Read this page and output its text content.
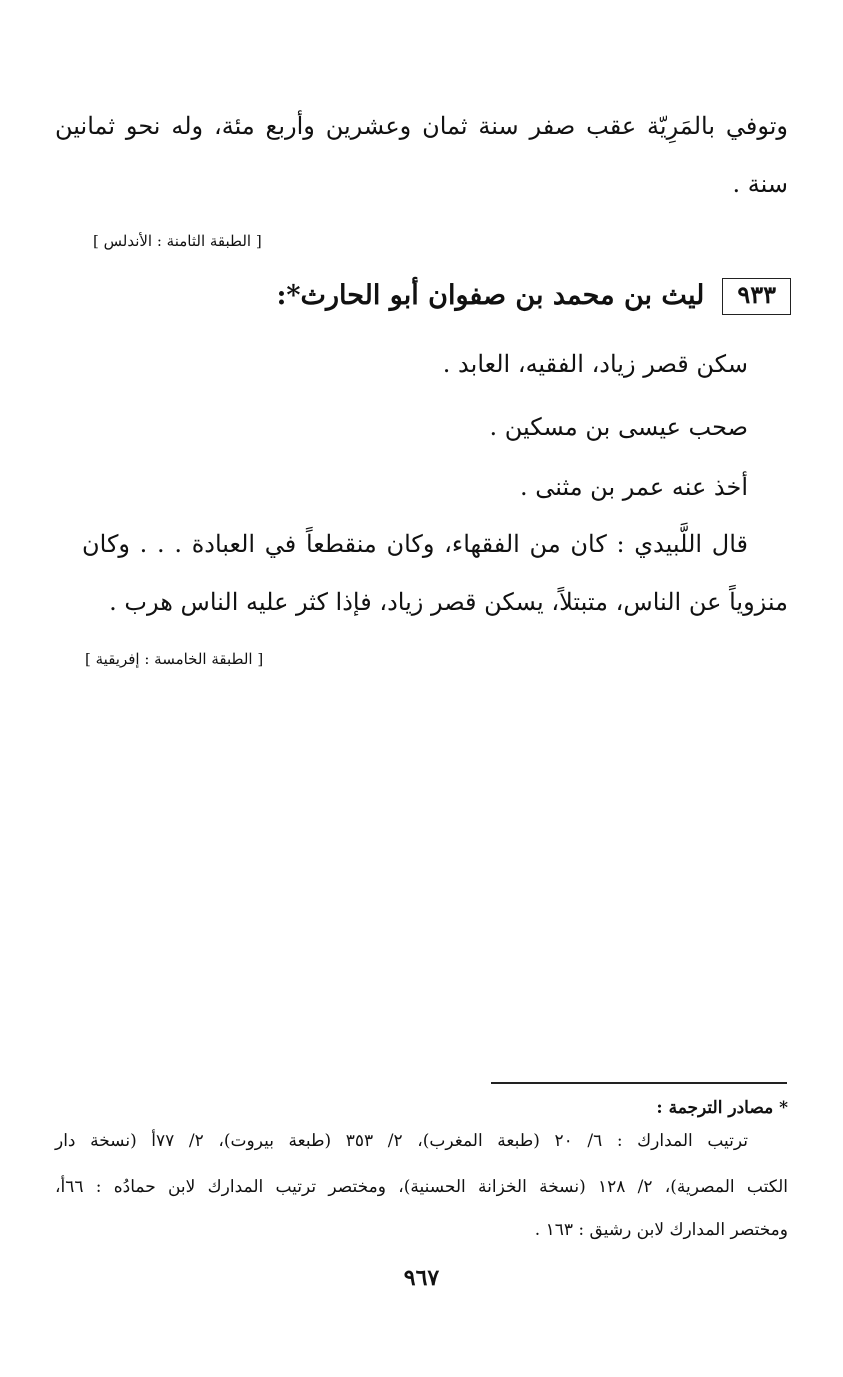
وتوفي بالمَرِيّة عقب صفر سنة ثمان وعشرين وأربع مئة، وله نحو ثمانين
سنة .
[ الطبقة الثامنة : الأندلس ]
٩٣٣
ليث بن محمد بن صفوان أبو الحارث*:
سكن قصر زياد، الفقيه، العابد .
صحب عيسى بن مسكين .
أخذ عنه عمر بن مثنى .
قال اللَّبيدي : كان من الفقهاء، وكان منقطعاً في العبادة . . . وكان
منزوياً عن الناس، متبتلاً، يسكن قصر زياد، فإذا كثر عليه الناس هرب .
[ الطبقة الخامسة : إفريقية ]
* مصادر الترجمة :
ترتيب المدارك : ٦/ ٢٠ (طبعة المغرب)، ٢/ ٣٥٣ (طبعة بيروت)، ٢/ ٧٧أ (نسخة دار
الكتب المصرية)، ٢/ ١٢٨ (نسخة الخزانة الحسنية)، ومختصر ترتيب المدارك لابن حمادُه : ٦٦أ،
ومختصر المدارك لابن رشيق : ١٦٣ .
٩٦٧
